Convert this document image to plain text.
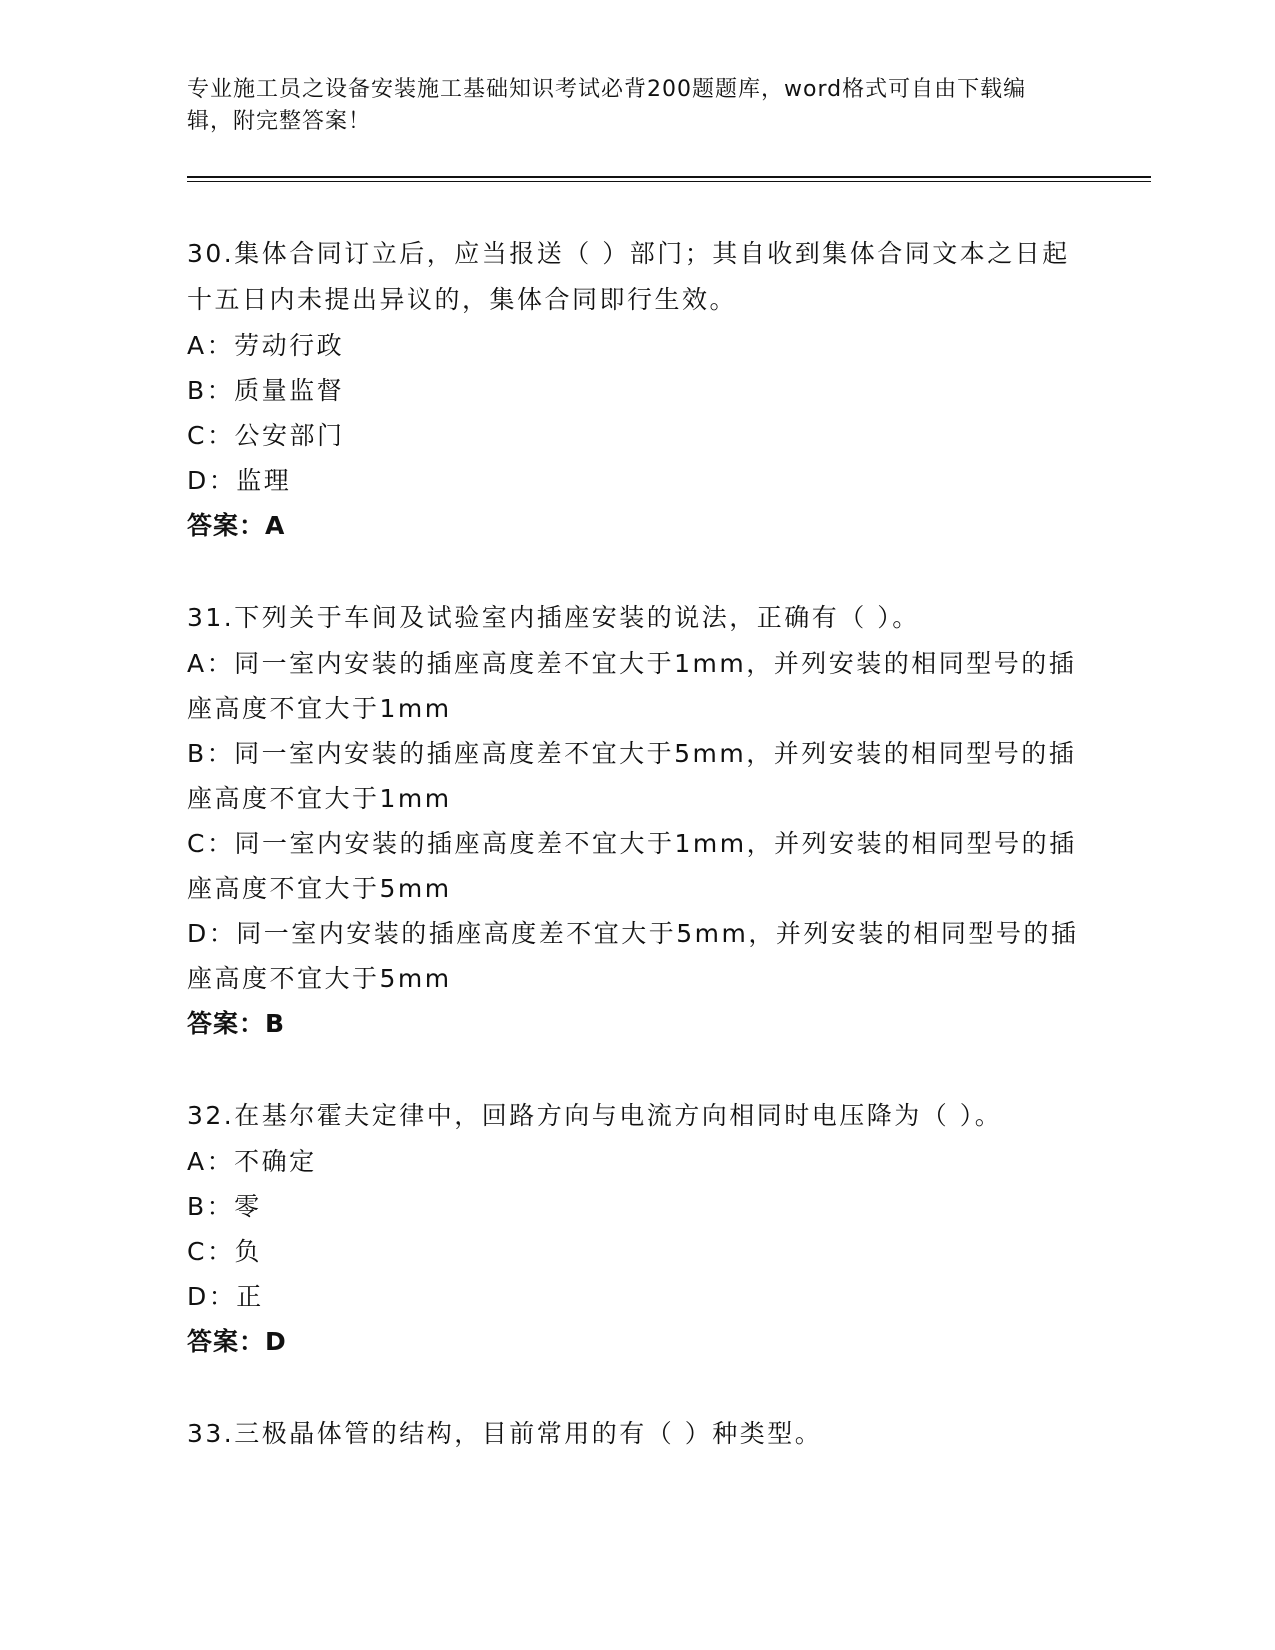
专业施工员之设备安装施工基础知识考试必背200题题库，word格式可自由下载编辑，附完整答案！
30.集体合同订立后，应当报送（ ）部门；其自收到集体合同文本之日起十五日内未提出异议的，集体合同即行生效。
A：劳动行政
B：质量监督
C：公安部门
D：监理
答案：A
31.下列关于车间及试验室内插座安装的说法，正确有（ ）。
A：同一室内安装的插座高度差不宜大于1mm，并列安装的相同型号的插座高度不宜大于1mm
B：同一室内安装的插座高度差不宜大于5mm，并列安装的相同型号的插座高度不宜大于1mm
C：同一室内安装的插座高度差不宜大于1mm，并列安装的相同型号的插座高度不宜大于5mm
D：同一室内安装的插座高度差不宜大于5mm，并列安装的相同型号的插座高度不宜大于5mm
答案：B
32.在基尔霍夫定律中，回路方向与电流方向相同时电压降为（ ）。
A：不确定
B：零
C：负
D：正
答案：D
33.三极晶体管的结构，目前常用的有（ ）种类型。
